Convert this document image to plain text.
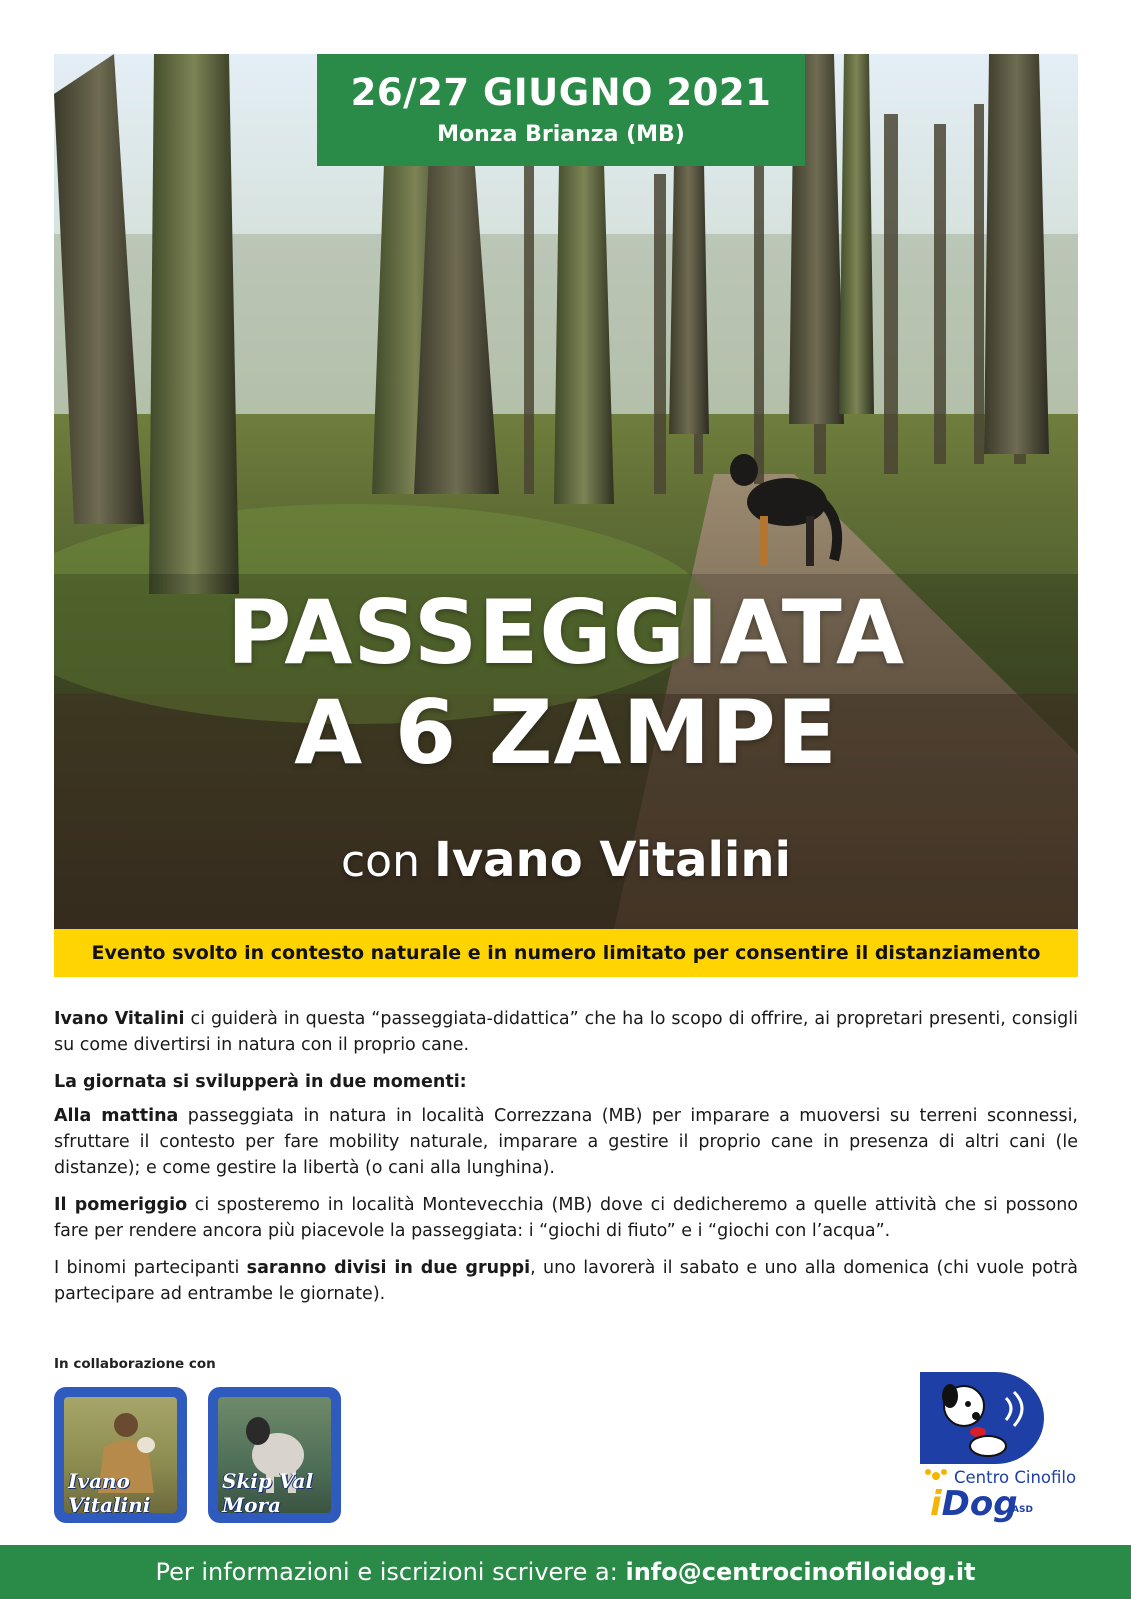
26/27 GIUGNO 2021
Monza Brianza (MB)
PASSEGGIATA
A 6 ZAMPE
con Ivano Vitalini
Evento svolto in contesto naturale e in numero limitato per consentire il distanziamento

Ivano Vitalini ci guiderà in questa “passeggiata-didattica” che ha lo scopo di offrire, ai propretari presenti, consigli su come divertirsi in natura con il proprio cane.

La giornata si svilupperà in due momenti:

Alla mattina passeggiata in natura in località Correzzana (MB) per imparare a muoversi su terreni sconnessi, sfruttare il contesto per fare mobility naturale, imparare a gestire il proprio cane in presenza di altri cani (le distanze); e come gestire la libertà (o cani alla lunghina).

Il pomeriggio ci sposteremo in località Montevecchia (MB) dove ci dedicheremo a quelle attività che si possono fare per rendere ancora più piacevole la passeggiata: i “giochi di fiuto” e i “giochi con l’acqua”.

I binomi partecipanti saranno divisi in due gruppi, uno lavorerà il sabato e uno alla domenica (chi vuole potrà partecipare ad entrambe le giornate).

In collaborazione con
Ivano Vitalini
Skip Val Mora
Centro Cinofilo
iDog
ASD
Per informazioni e iscrizioni scrivere a: info@centrocinofiloidog.it
